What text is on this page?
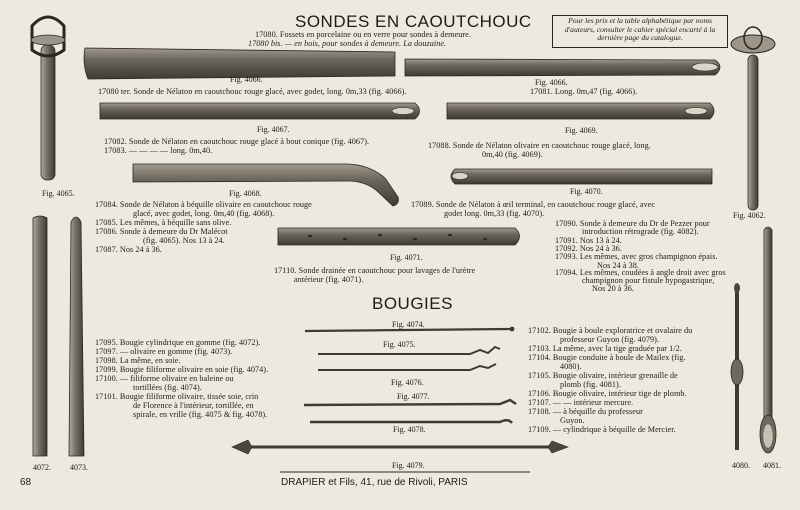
SONDES EN CAOUTCHOUC	Pour les prix et la table alphabétique par noms d'auteurs, consulter le cahier spécial encarté à la dernière page du catalogue.
17080. Fossets en porcelaine ou en verre pour sondes à demeure.
17080 bis. — en bois, pour sondes à demeure. La douzaine.
Fig. 4066.	Fig. 4066.
17080 ter. Sonde de Nélaton en caoutchouc rouge glacé, avec godet, long. 0m,33 (fig. 4066).	17081. Long. 0m,47 (fig. 4066).
Fig. 4067.	Fig. 4069.
17082. Sonde de Nélaton en caoutchouc rouge glacé à bout conique (fig. 4067).
17083. — — — — long. 0m,40.
17088. Sonde de Nélaton olivaire en caoutchouc rouge glacé, long.
0m,40 (fig. 4069).
Fig. 4065.	Fig. 4068.	Fig. 4070.
Fig. 4062.
17084. Sonde de Nélaton à béquille olivaire en caoutchouc rouge
glacé, avec godet, long. 0m,40 (fig. 4068).
17085. Les mêmes, à béquille sans olive.
17086. Sonde à demeure du Dr Malécot
(fig. 4065). Nos 13 à 24.
17087. Nos 24 à 36.
17089. Sonde de Nélaton à œil terminal, en caoutchouc rouge glacé, avec
godet long. 0m,33 (fig. 4070).
17090. Sonde à demeure du Dr de Pezzer pour
introduction rétrograde (fig. 4082).
17091. Nos 13 à 24.
17092. Nos 24 à 36.
17093. Les mêmes, avec gros champignon épais.
Nos 24 à 38.
17094. Les mêmes, coudées à angle droit avec gros
champignon pour fistule hypogastrique,
Nos 20 à 36.
Fig. 4071.
17110. Sonde drainée en caoutchouc pour lavages de l'urètre
antérieur (fig. 4071).
BOUGIES
Fig. 4074.
Fig. 4075.
Fig. 4076.
Fig. 4077.
Fig. 4078.
Fig. 4079.
17095. Bougie cylindrique en gomme (fig. 4072).
17097. — olivaire en gomme (fig. 4073).
17098. La même, en soie.
17099. Bougie filiforme olivaire en soie (fig. 4074).
17100. — filiforme olivaire en baleine ou
tortillées (fig. 4074).
17101. Bougie filiforme olivaire, tissée soie, crin
de Florence à l'intérieur, tortillée, en
spirale, en vrille (fig. 4075 & fig. 4078).
17102. Bougie à boule exploratrice et ovalaire du
professeur Guyon (fig. 4079).
17103. La même, avec la tige graduée par 1/2.
17104. Bougie conduite à boule de Mailex (fig.
4080).
17105. Bougie olivaire, intérieur grenaille de
plomb (fig. 4081).
17106. Bougie olivaire, intérieur tige de plomb.
17107. — — intérieur mercure.
17108. — à béquille du professeur
Guyon.
17109. — cylindrique à béquille de Mercier.
4072. 4073.	4080. 4081.
68	DRAPIER et Fils, 41, rue de Rivoli, PARIS
